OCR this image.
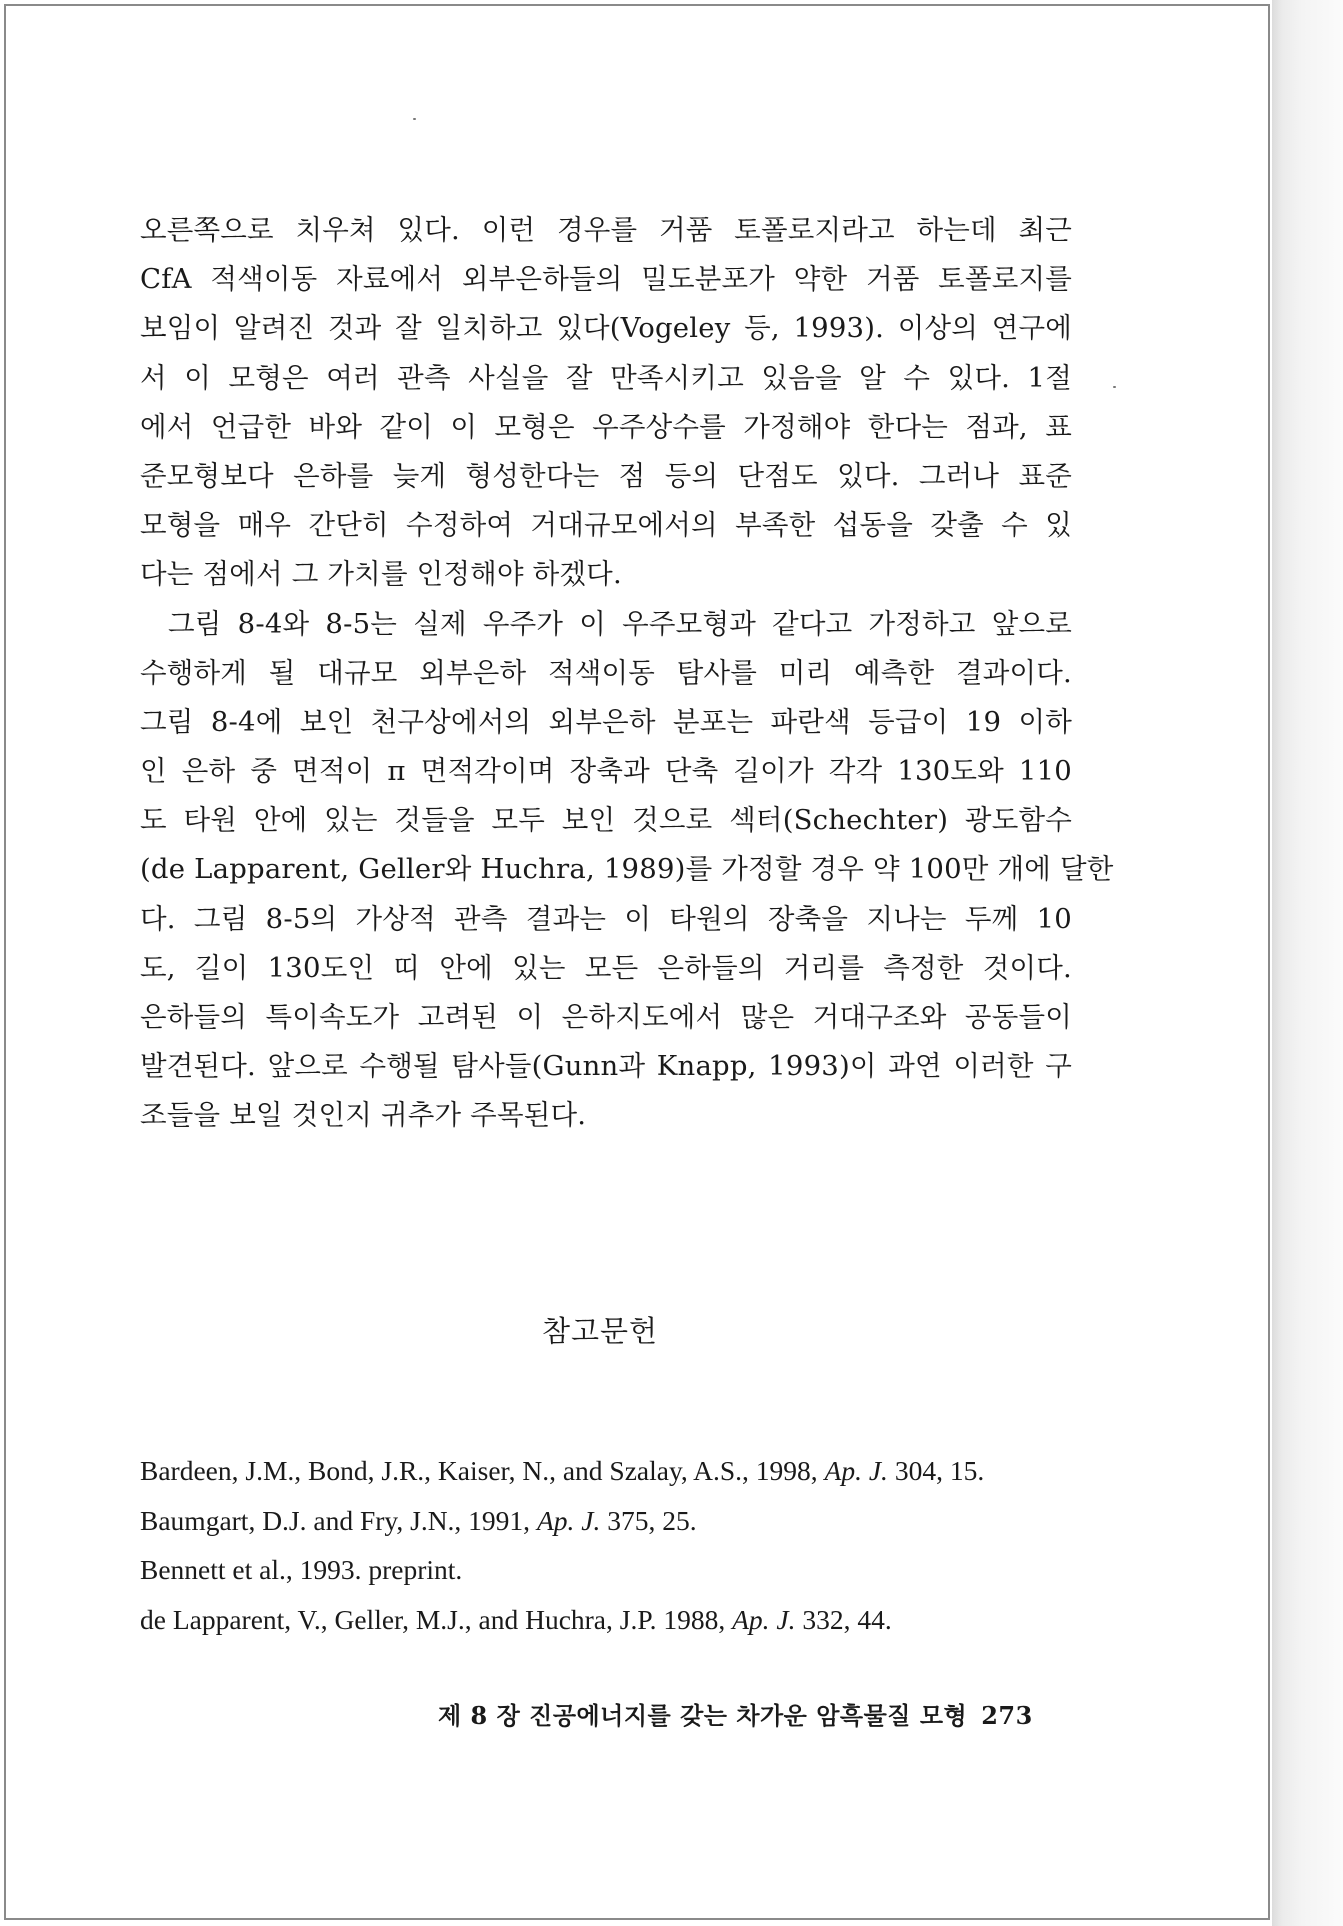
오른쪽으로 치우쳐 있다. 이런 경우를 거품 토폴로지라고 하는데 최근
CfA 적색이동 자료에서 외부은하들의 밀도분포가 약한 거품 토폴로지를
보임이 알려진 것과 잘 일치하고 있다(Vogeley 등, 1993). 이상의 연구에
서 이 모형은 여러 관측 사실을 잘 만족시키고 있음을 알 수 있다. 1절
에서 언급한 바와 같이 이 모형은 우주상수를 가정해야 한다는 점과, 표
준모형보다 은하를 늦게 형성한다는 점 등의 단점도 있다. 그러나 표준
모형을 매우 간단히 수정하여 거대규모에서의 부족한 섭동을 갖출 수 있
다는 점에서 그 가치를 인정해야 하겠다.
그림 8-4와 8-5는 실제 우주가 이 우주모형과 같다고 가정하고 앞으로
수행하게 될 대규모 외부은하 적색이동 탐사를 미리 예측한 결과이다.
그림 8-4에 보인 천구상에서의 외부은하 분포는 파란색 등급이 19 이하
인 은하 중 면적이 π 면적각이며 장축과 단축 길이가 각각 130도와 110
도 타원 안에 있는 것들을 모두 보인 것으로 섹터(Schechter) 광도함수
(de Lapparent, Geller와 Huchra, 1989)를 가정할 경우 약 100만 개에 달한
다. 그림 8-5의 가상적 관측 결과는 이 타원의 장축을 지나는 두께 10
도, 길이 130도인 띠 안에 있는 모든 은하들의 거리를 측정한 것이다.
은하들의 특이속도가 고려된 이 은하지도에서 많은 거대구조와 공동들이
발견된다. 앞으로 수행될 탐사들(Gunn과 Knapp, 1993)이 과연 이러한 구
조들을 보일 것인지 귀추가 주목된다.
참고문헌
Bardeen, J.M., Bond, J.R., Kaiser, N., and Szalay, A.S., 1998, Ap. J. 304, 15.
Baumgart, D.J. and Fry, J.N., 1991, Ap. J. 375, 25.
Bennett et al., 1993. preprint.
de Lapparent, V., Geller, M.J., and Huchra, J.P. 1988, Ap. J. 332, 44.
제 8 장 진공에너지를 갖는 차가운 암흑물질 모형 273
